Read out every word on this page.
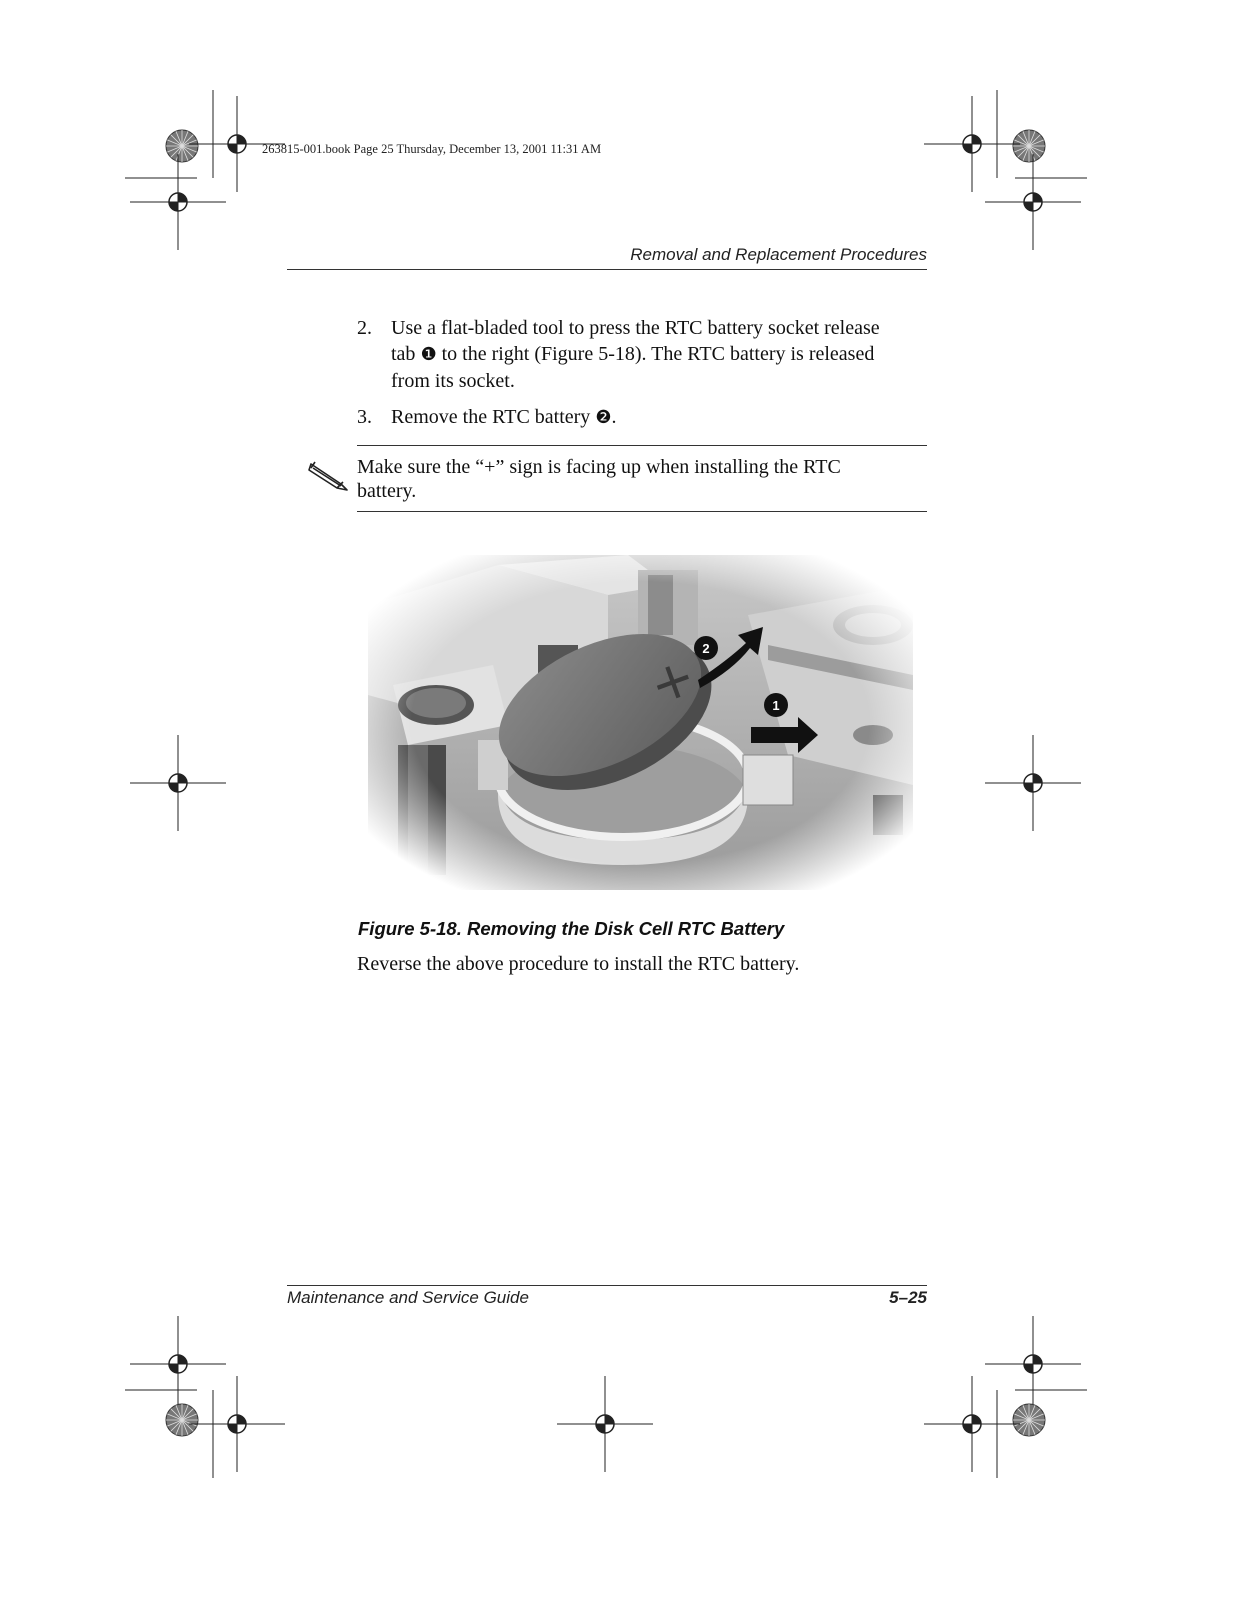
263815-001.book Page 25 Thursday, December 13, 2001 11:31 AM
Removal and Replacement Procedures
2. Use a flat-bladed tool to press the RTC battery socket release
tab ❶ to the right (Figure 5-18). The RTC battery is released
from its socket.
3. Remove the RTC battery ❷.
Make sure the “+” sign is facing up when installing the RTC
battery.
Figure 5-18. Removing the Disk Cell RTC Battery
Reverse the above procedure to install the RTC battery.
Maintenance and Service Guide	5–25
